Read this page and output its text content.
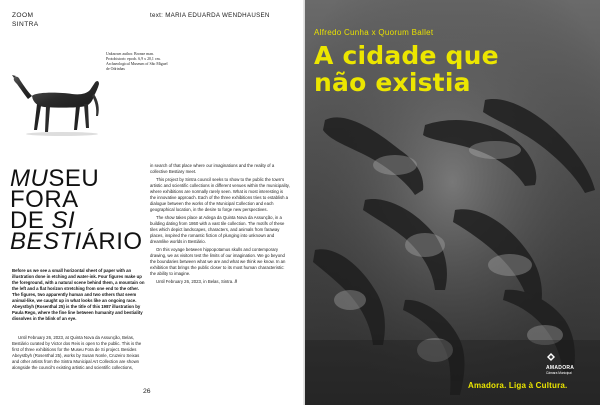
ZOOM
SINTRA
text: MARIA EDUARDA WENDHAUSEN
Unknown author. Bronze man. Protohistoric epoch. 6,9 x 20,1 cm. Archaeological Museum of São Miguel de Odrinhas
MUSEU
FORA
DE SI
BESTIÁRIO
Before us we see a small horizontal sheet of paper with an illustration done in etching and water-ink. Four figures make up the foreground, with a natural scene behind them, a mountain on the left and a flat horizon stretching from one end to the other. The figures, two apparently human and two others that seem animal-like, we caught up in what looks like an ongoing race. Abeystbyh (Rosenthal 25) is the title of this 1987 illustration by Paula Rego, where the fine line between humanity and bestiality dissolves in the blink of an eye.
Until February 26, 2023, at Quinta Nova da Assunção, Belas, Bestiário curated by Victor dos Reis is open to the public. This is the first of three exhibitions for the Museu Fora de Si project. Besides Abeystbyh (Rosenthal 25), works by Susan Nonle, Cruzeiro Seixas and other artists from the Sintra Municipal Art Collection are shown alongside the council's existing artistic and scientific collections,

in search of that place where our imaginations and the reality of a collective Bestiary meet.

This project by Sintra council seeks to show to the public the town's artistic and scientific collections in different venues within the municipality, where exhibitions are normally rarely seen. What is most interesting is the innovative approach. Each of the three exhibitions tries to establish a dialogue between the works of the Municipal Collection and each geographical location, in the desire to forge new perspectives.

The show takes place at Adega da Quinta Nova da Assunção, in a building dating from 1860 with a vast tile collection. The motifs of these tiles which depict landscapes, characters, and animals from faraway places, inspired the romantic fiction of plunging into unknown and dreamlike worlds in Bestiário.

On this voyage between hippopotamus skulls and contemporary drawing, we as visitors test the limits of our imagination. We go beyond the boundaries between what we are and what we think we know. In an exhibition that brings the public closer to its most human characteristic: the ability to imagine.

Until February 26, 2023, in Belas, Sintra. //

26
Alfredo Cunha x Quorum Ballet
A cidade que
não existia
AMADORA
Câmara Municipal
Amadora. Liga à Cultura.
